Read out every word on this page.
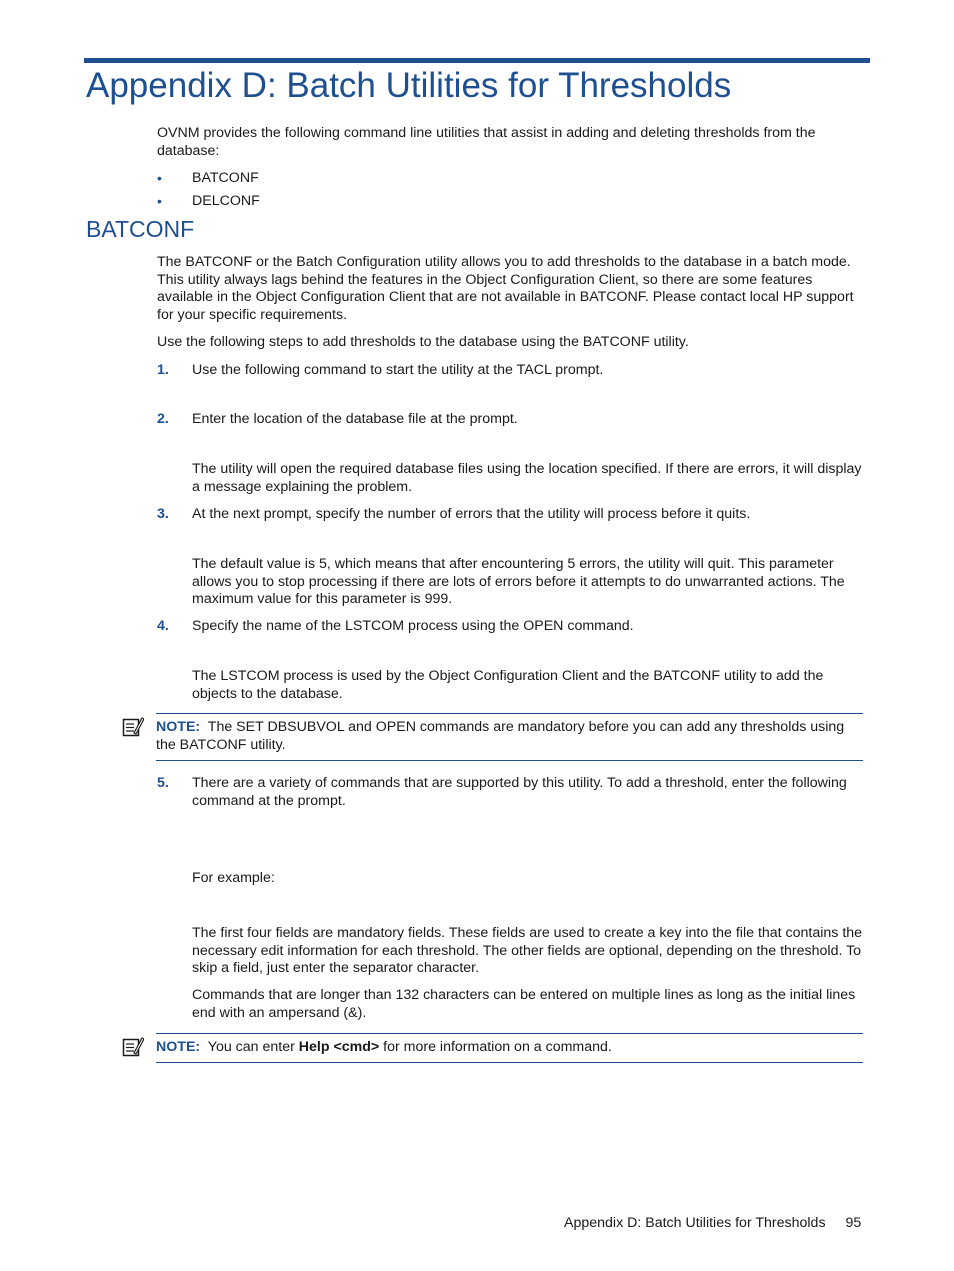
Appendix D: Batch Utilities for Thresholds
OVNM provides the following command line utilities that assist in adding and deleting thresholds from the database:
• BATCONF
• DELCONF
BATCONF
The BATCONF or the Batch Configuration utility allows you to add thresholds to the database in a batch mode. This utility always lags behind the features in the Object Configuration Client, so there are some features available in the Object Configuration Client that are not available in BATCONF. Please contact local HP support for your specific requirements.
Use the following steps to add thresholds to the database using the BATCONF utility.
1. Use the following command to start the utility at the TACL prompt.
2. Enter the location of the database file at the prompt.
The utility will open the required database files using the location specified. If there are errors, it will display a message explaining the problem.
3. At the next prompt, specify the number of errors that the utility will process before it quits.
The default value is 5, which means that after encountering 5 errors, the utility will quit. This parameter allows you to stop processing if there are lots of errors before it attempts to do unwarranted actions. The maximum value for this parameter is 999.
4. Specify the name of the LSTCOM process using the OPEN command.
The LSTCOM process is used by the Object Configuration Client and the BATCONF utility to add the objects to the database.
NOTE: The SET DBSUBVOL and OPEN commands are mandatory before you can add any thresholds using the BATCONF utility.
5. There are a variety of commands that are supported by this utility. To add a threshold, enter the following command at the prompt.
For example:
The first four fields are mandatory fields. These fields are used to create a key into the file that contains the necessary edit information for each threshold. The other fields are optional, depending on the threshold. To skip a field, just enter the separator character.
Commands that are longer than 132 characters can be entered on multiple lines as long as the initial lines end with an ampersand (&).
NOTE: You can enter Help <cmd> for more information on a command.
Appendix D: Batch Utilities for Thresholds 95
